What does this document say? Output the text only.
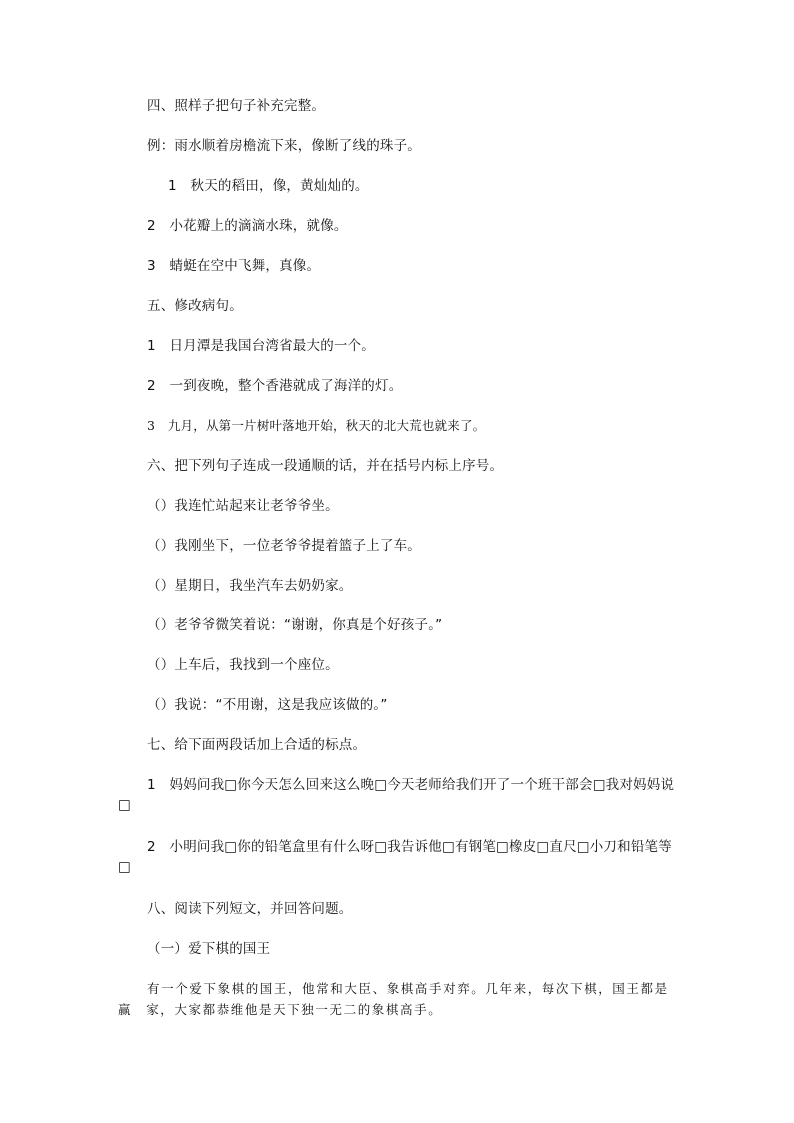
四、照样子把句子补充完整。
例：雨水顺着房檐流下来，像断了线的珠子。
1　秋天的稻田，像，黄灿灿的。
2　小花瓣上的滴滴水珠，就像。
3　蜻蜓在空中飞舞，真像。
五、修改病句。
1　日月潭是我国台湾省最大的一个。
2　一到夜晚，整个香港就成了海洋的灯。
3　九月，从第一片树叶落地开始，秋天的北大荒也就来了。
六、把下列句子连成一段通顺的话，并在括号内标上序号。
（）我连忙站起来让老爷爷坐。
（）我刚坐下，一位老爷爷提着篮子上了车。
（）星期日，我坐汽车去奶奶家。
（）老爷爷微笑着说：“谢谢，你真是个好孩子。”
（）上车后，我找到一个座位。
（）我说：“不用谢，这是我应该做的。”
七、给下面两段话加上合适的标点。
1　妈妈问我□你今天怎么回来这么晚□今天老师给我们开了一个班干部会□我对妈妈说□
2　小明问我□你的铅笔盒里有什么呀□我告诉他□有钢笔□橡皮□直尺□小刀和铅笔等□
八、阅读下列短文，并回答问题。
（一）爱下棋的国王
有一个爱下象棋的国王，他常和大臣、象棋高手对弈。几年来，每次下棋，国王都是赢　家，大家都恭维他是天下独一无二的象棋高手。
